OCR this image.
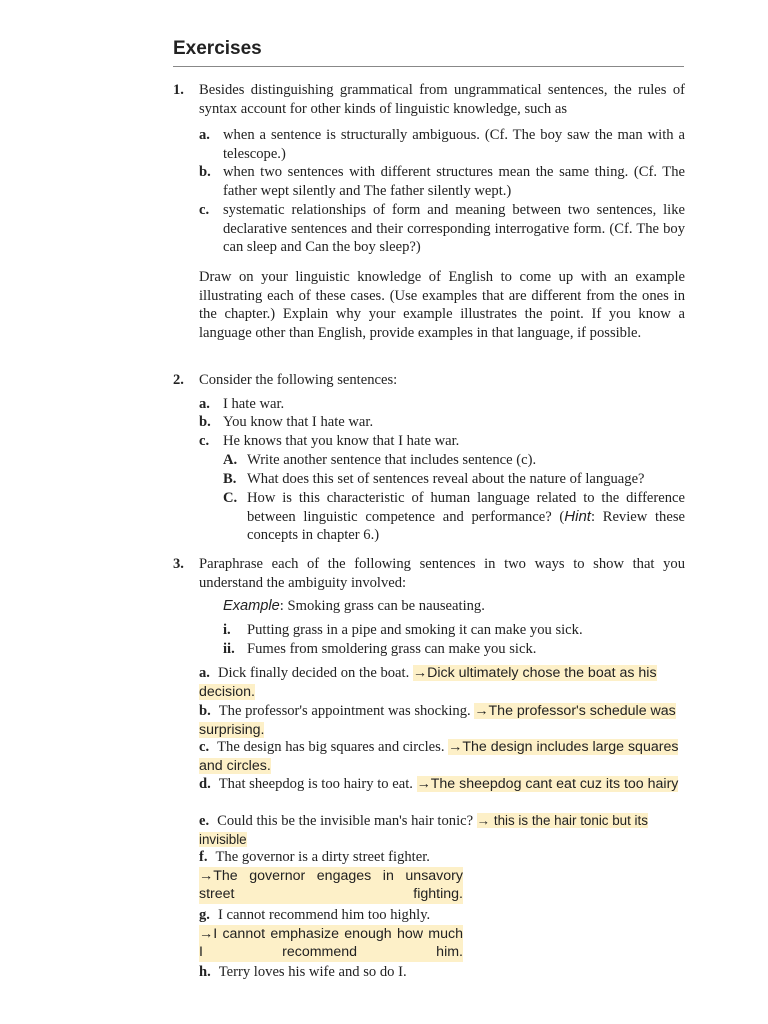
Exercises
1. Besides distinguishing grammatical from ungrammatical sentences, the rules of syntax account for other kinds of linguistic knowledge, such as
a. when a sentence is structurally ambiguous. (Cf. The boy saw the man with a telescope.)
b. when two sentences with different structures mean the same thing. (Cf. The father wept silently and The father silently wept.)
c. systematic relationships of form and meaning between two sentences, like declarative sentences and their corresponding interrogative form. (Cf. The boy can sleep and Can the boy sleep?)
Draw on your linguistic knowledge of English to come up with an example illustrating each of these cases. (Use examples that are different from the ones in the chapter.) Explain why your example illustrates the point. If you know a language other than English, provide examples in that language, if possible.
2. Consider the following sentences:
a. I hate war.
b. You know that I hate war.
c. He knows that you know that I hate war.
A. Write another sentence that includes sentence (c).
B. What does this set of sentences reveal about the nature of language?
C. How is this characteristic of human language related to the difference between linguistic competence and performance? (Hint: Review these concepts in chapter 6.)
3. Paraphrase each of the following sentences in two ways to show that you understand the ambiguity involved:
Example: Smoking grass can be nauseating.
i.	Putting grass in a pipe and smoking it can make you sick.
ii. Fumes from smoldering grass can make you sick.
a. Dick finally decided on the boat. →Dick ultimately chose the boat as his decision.
b. The professor's appointment was shocking. →The professor's schedule was surprising.
c. The design has big squares and circles. →The design includes large squares and circles.
d. That sheepdog is too hairy to eat. →The sheepdog cant eat cuz its too hairy
e. Could this be the invisible man's hair tonic? → this is the hair tonic but its invisible
f. The governor is a dirty street fighter.
→The governor engages in unsavory street fighting.
g. I cannot recommend him too highly.
→I cannot emphasize enough how much I recommend him.
h. Terry loves his wife and so do I.
